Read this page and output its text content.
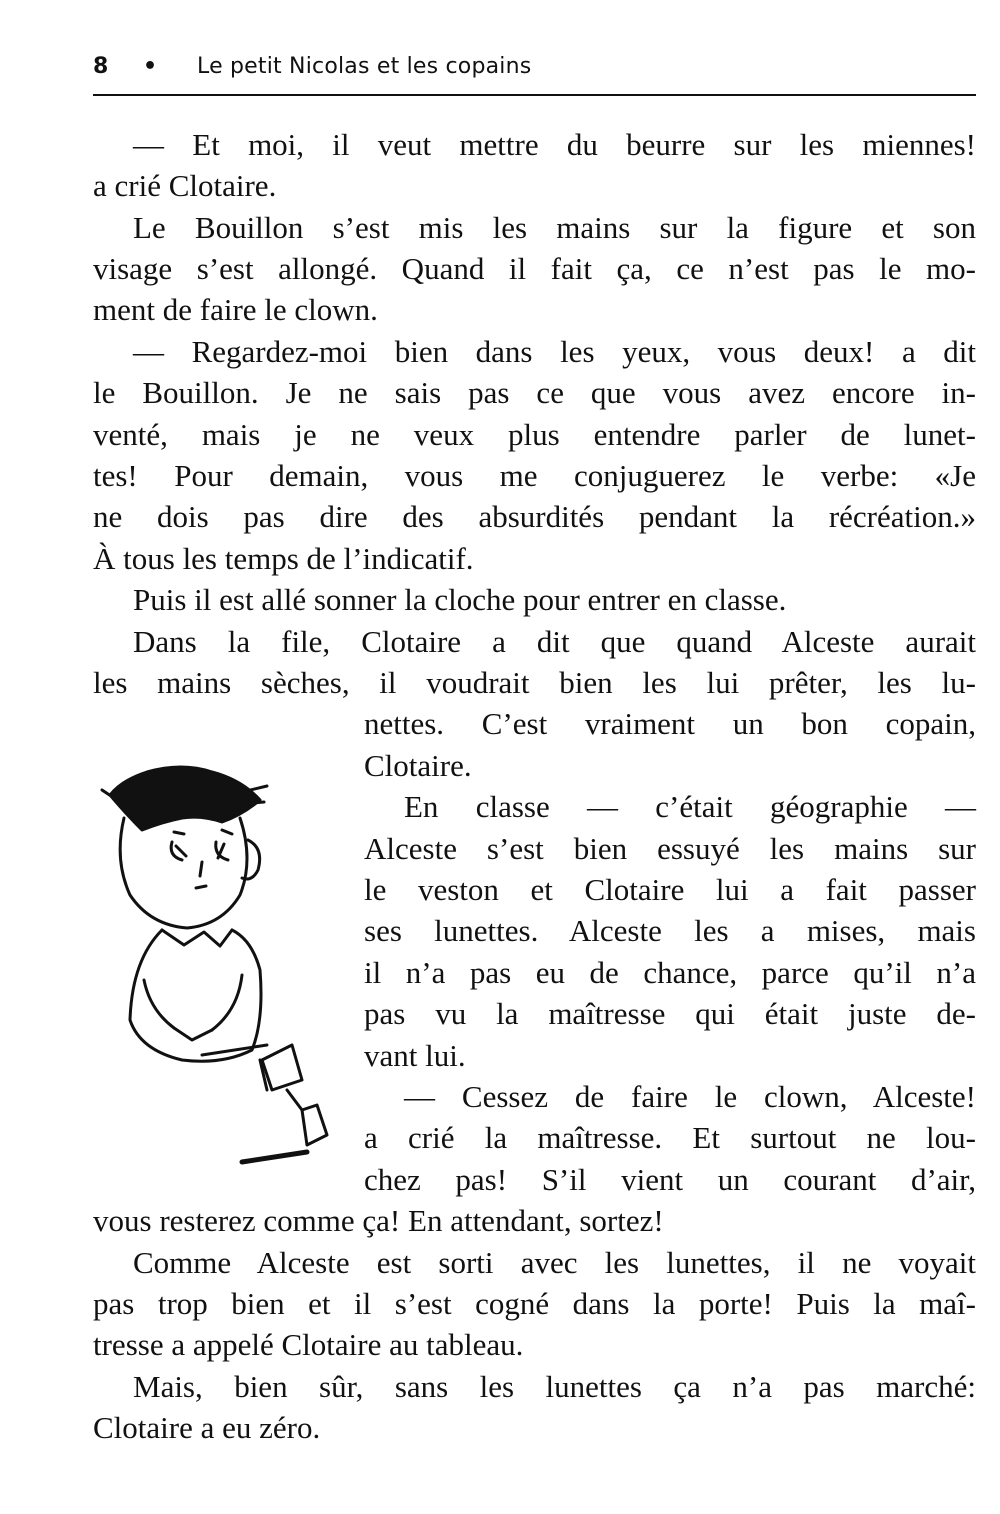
8 • Le petit Nicolas et les copains
— Et moi, il veut mettre du beurre sur les miennes!
a crié Clotaire.
Le Bouillon s’est mis les mains sur la figure et son
visage s’est allongé. Quand il fait ça, ce n’est pas le mo-
ment de faire le clown.
— Regardez-moi bien dans les yeux, vous deux! a dit
le Bouillon. Je ne sais pas ce que vous avez encore in-
venté, mais je ne veux plus entendre parler de lunet-
tes! Pour demain, vous me conjuguerez le verbe: «Je
ne dois pas dire des absurdités pendant la récréation.»
À tous les temps de l’indicatif.
Puis il est allé sonner la cloche pour entrer en classe.
Dans la file, Clotaire a dit que quand Alceste aurait
les mains sèches, il voudrait bien les lui prêter, les lu-
nettes. C’est vraiment un bon copain,
Clotaire.
En classe — c’était géographie —
Alceste s’est bien essuyé les mains sur
le veston et Clotaire lui a fait passer
ses lunettes. Alceste les a mises, mais
il n’a pas eu de chance, parce qu’il n’a
pas vu la maîtresse qui était juste de-
vant lui.
— Cessez de faire le clown, Alceste!
a crié la maîtresse. Et surtout ne lou-
chez pas! S’il vient un courant d’air,
vous resterez comme ça! En attendant, sortez!
Comme Alceste est sorti avec les lunettes, il ne voyait
pas trop bien et il s’est cogné dans la porte! Puis la maî-
tresse a appelé Clotaire au tableau.
Mais, bien sûr, sans les lunettes ça n’a pas marché:
Clotaire a eu zéro.
